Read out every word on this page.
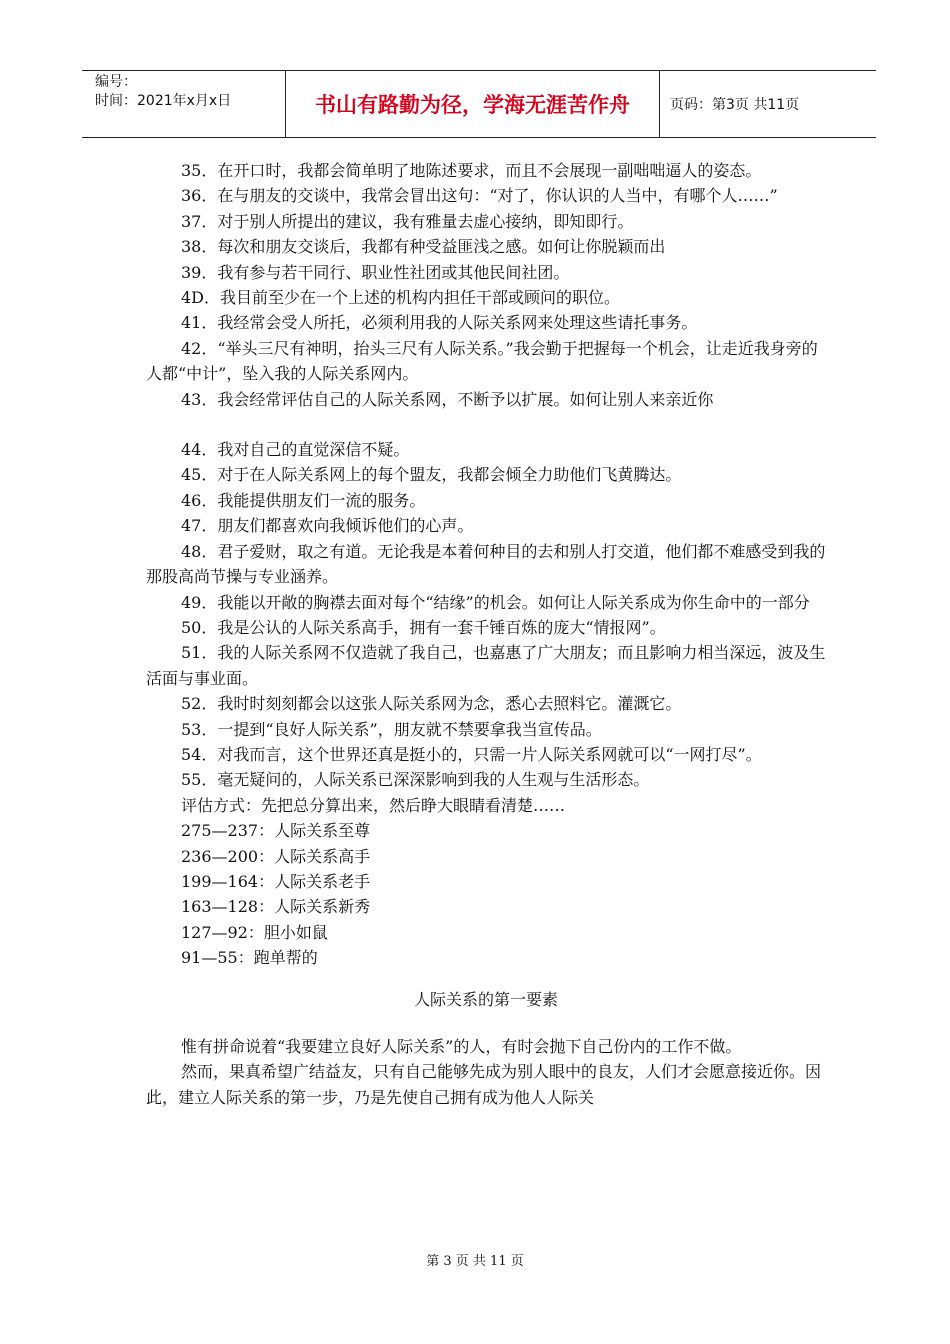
编号：
时间：2021年x月x日	书山有路勤为径，学海无涯苦作舟	页码：第3页 共11页

35．在开口时，我都会简单明了地陈述要求，而且不会展现一副咄咄逼人的姿态。

36．在与朋友的交谈中，我常会冒出这句：“对了，你认识的人当中，有哪个人……”

37．对于别人所提出的建议，我有雅量去虚心接纳，即知即行。

38．每次和朋友交谈后，我都有种受益匪浅之感。如何让你脱颖而出

39．我有参与若干同行、职业性社团或其他民间社团。

4D．我目前至少在一个上述的机构内担任干部或顾问的职位。

41．我经常会受人所托，必须利用我的人际关系网来处理这些请托事务。

42．“举头三尺有神明，抬头三尺有人际关系。”我会勤于把握每一个机会，让走近我身旁的人都“中计”，坠入我的人际关系网内。

43．我会经常评估自己的人际关系网，不断予以扩展。如何让别人来亲近你

44．我对自己的直觉深信不疑。

45．对于在人际关系网上的每个盟友，我都会倾全力助他们飞黄腾达。

46．我能提供朋友们一流的服务。

47．朋友们都喜欢向我倾诉他们的心声。

48．君子爱财，取之有道。无论我是本着何种目的去和别人打交道，他们都不难感受到我的那股高尚节操与专业涵养。

49．我能以开敞的胸襟去面对每个“结缘”的机会。如何让人际关系成为你生命中的一部分

50．我是公认的人际关系高手，拥有一套千锤百炼的庞大“情报网”。

51．我的人际关系网不仅造就了我自己，也嘉惠了广大朋友；而且影响力相当深远，波及生活面与事业面。

52．我时时刻刻都会以这张人际关系网为念，悉心去照料它。灌溉它。

53．一提到“良好人际关系”，朋友就不禁要拿我当宣传品。

54．对我而言，这个世界还真是挺小的，只需一片人际关系网就可以“一网打尽”。

55．毫无疑问的，人际关系已深深影响到我的人生观与生活形态。

评估方式：先把总分算出来，然后睁大眼睛看清楚……

275—237：人际关系至尊

236—200：人际关系高手

199—164：人际关系老手

163—128：人际关系新秀

127—92：胆小如鼠

91—55：跑单帮的

人际关系的第一要素

惟有拼命说着“我要建立良好人际关系”的人，有时会抛下自己份内的工作不做。

然而，果真希望广结益友，只有自己能够先成为别人眼中的良友，人们才会愿意接近你。因此，建立人际关系的第一步，乃是先使自己拥有成为他人人际关

第 3 页 共 11 页
